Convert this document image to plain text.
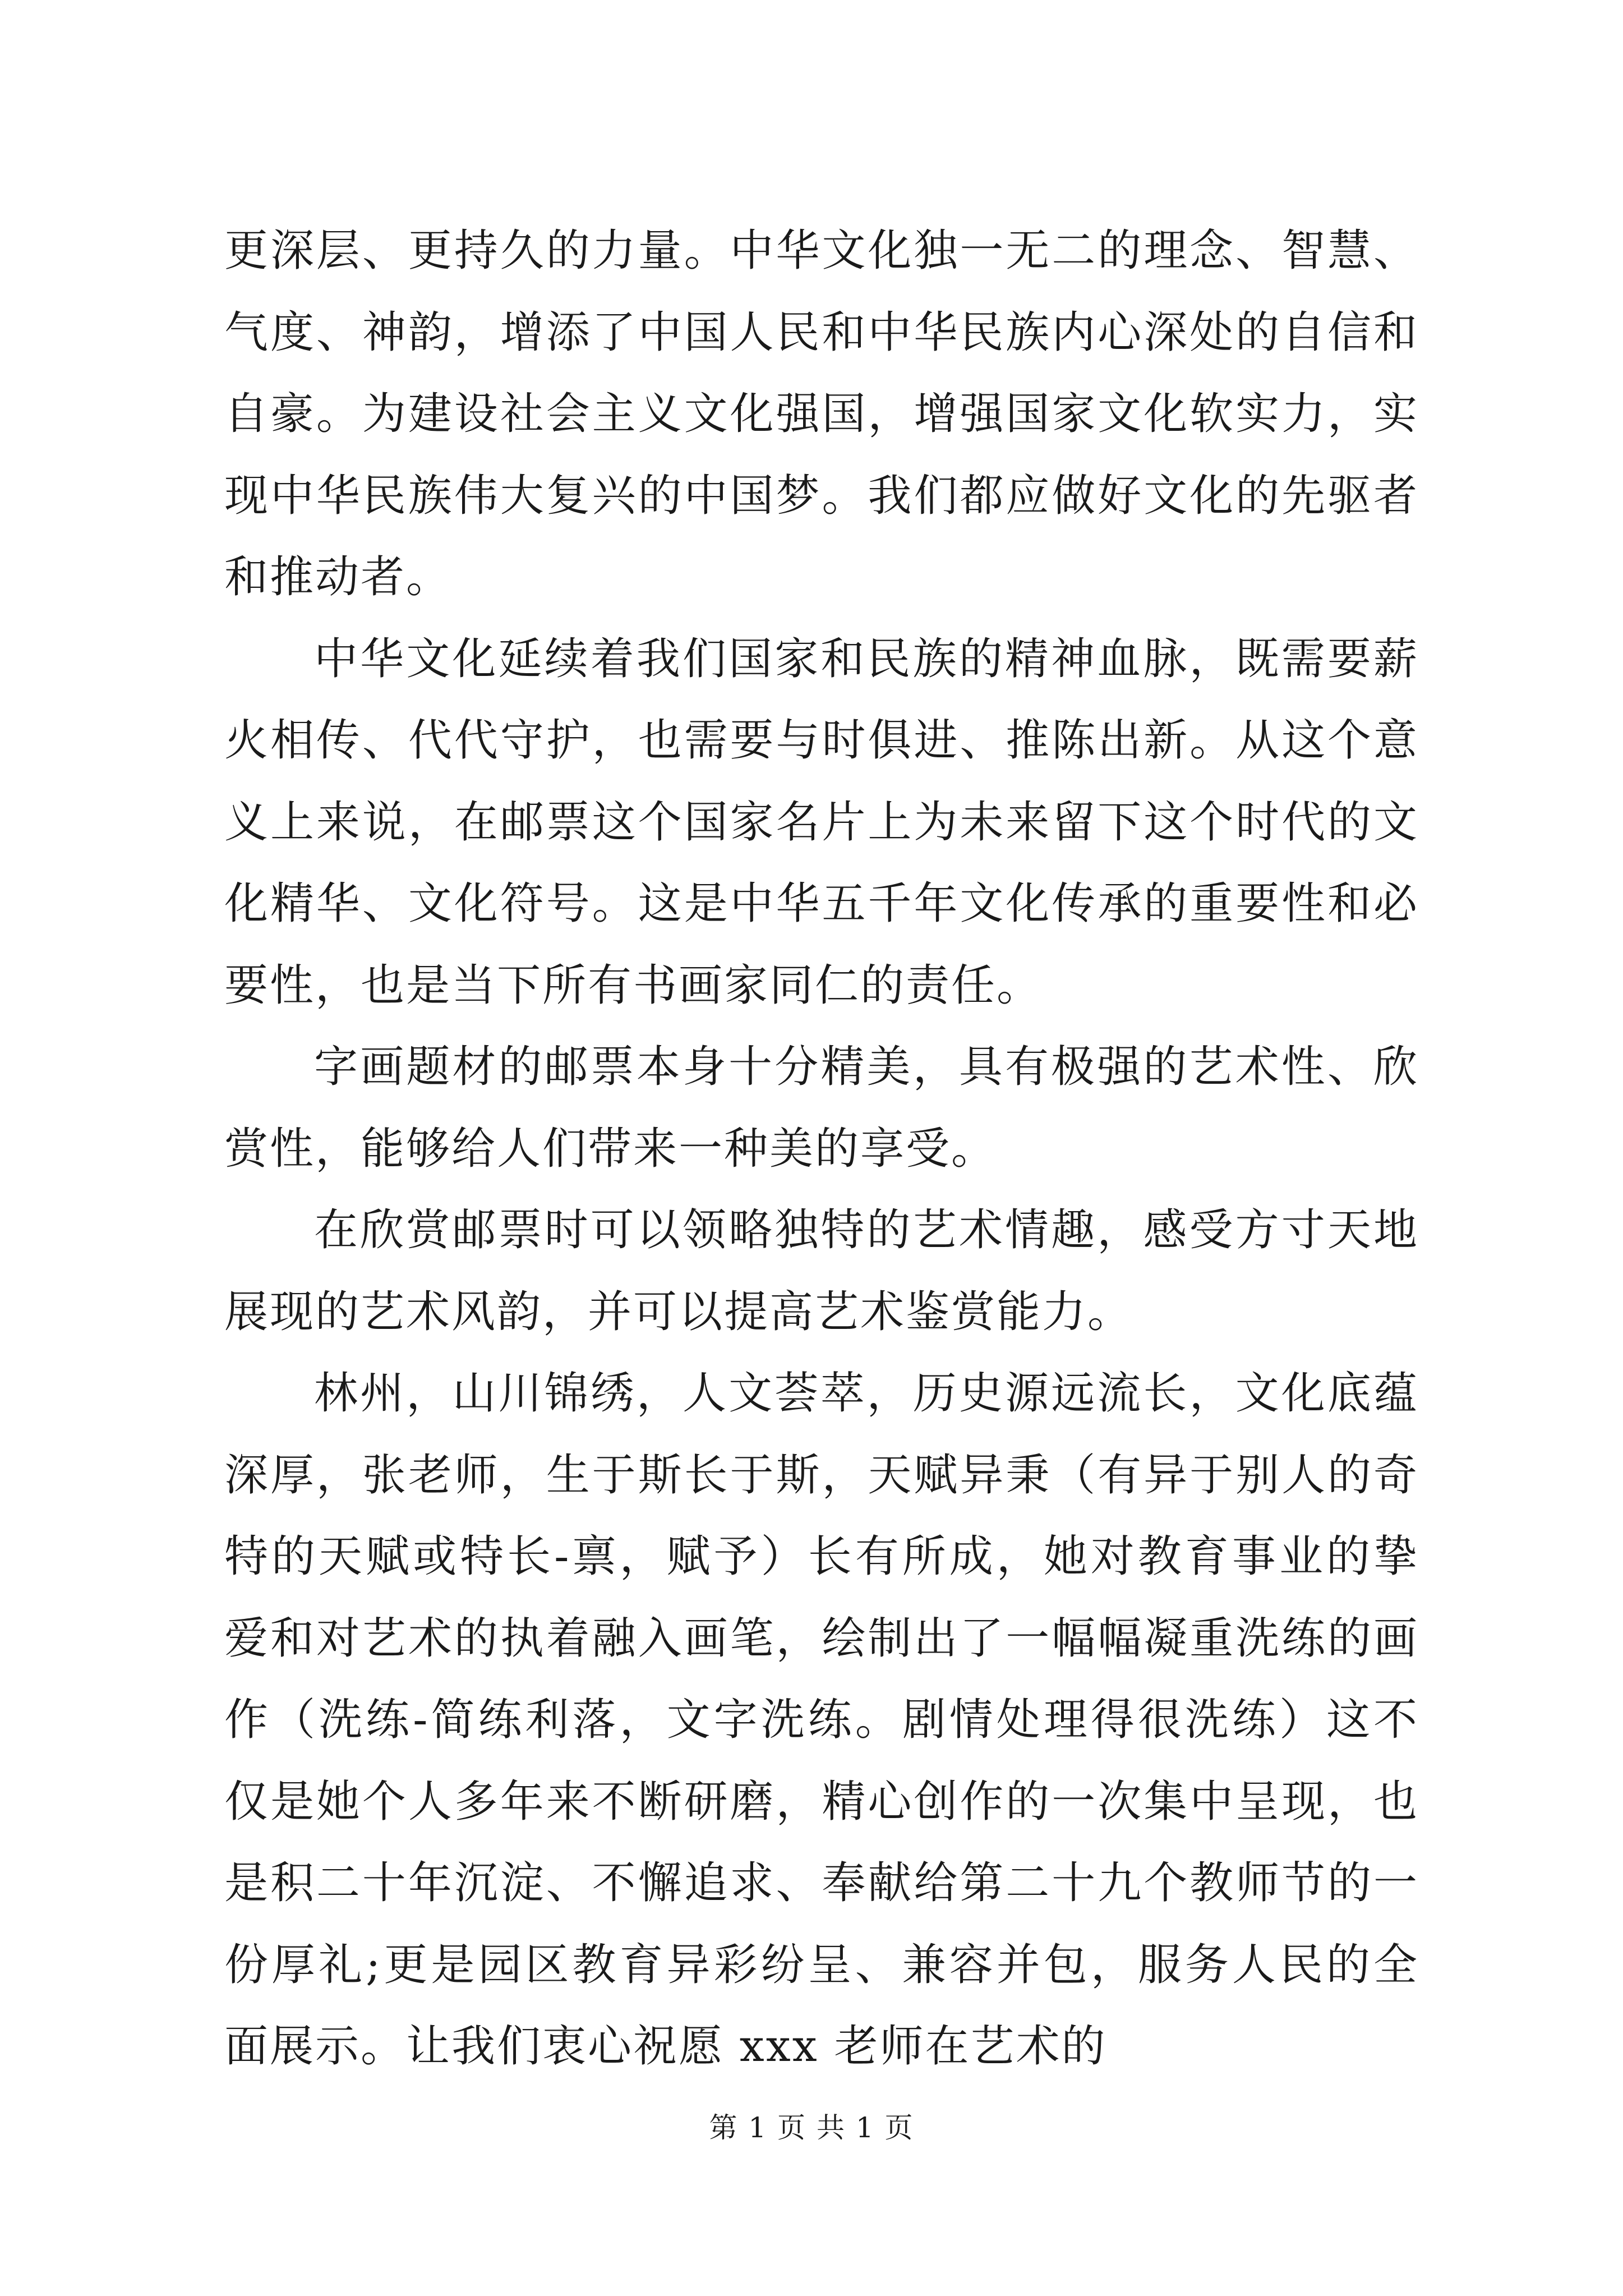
更深层、更持久的力量。中华文化独一无二的理念、智慧、气度、神韵，增添了中国人民和中华民族内心深处的自信和自豪。为建设社会主义文化强国，增强国家文化软实力，实现中华民族伟大复兴的中国梦。我们都应做好文化的先驱者和推动者。

中华文化延续着我们国家和民族的精神血脉，既需要薪火相传、代代守护，也需要与时俱进、推陈出新。从这个意义上来说，在邮票这个国家名片上为未来留下这个时代的文化精华、文化符号。这是中华五千年文化传承的重要性和必要性，也是当下所有书画家同仁的责任。

字画题材的邮票本身十分精美，具有极强的艺术性、欣赏性，能够给人们带来一种美的享受。

在欣赏邮票时可以领略独特的艺术情趣，感受方寸天地展现的艺术风韵，并可以提高艺术鉴赏能力。

林州，山川锦绣，人文荟萃，历史源远流长，文化底蕴深厚，张老师，生于斯长于斯，天赋异秉（有异于别人的奇特的天赋或特长-禀，赋予）长有所成，她对教育事业的挚爱和对艺术的执着融入画笔，绘制出了一幅幅凝重洗练的画作（洗练-简练利落，文字洗练。剧情处理得很洗练）这不仅是她个人多年来不断研磨，精心创作的一次集中呈现，也是积二十年沉淀、不懈追求、奉献给第二十九个教师节的一份厚礼;更是园区教育异彩纷呈、兼容并包，服务人民的全面展示。让我们衷心祝愿 xxx 老师在艺术的

第 1 页 共 1 页
